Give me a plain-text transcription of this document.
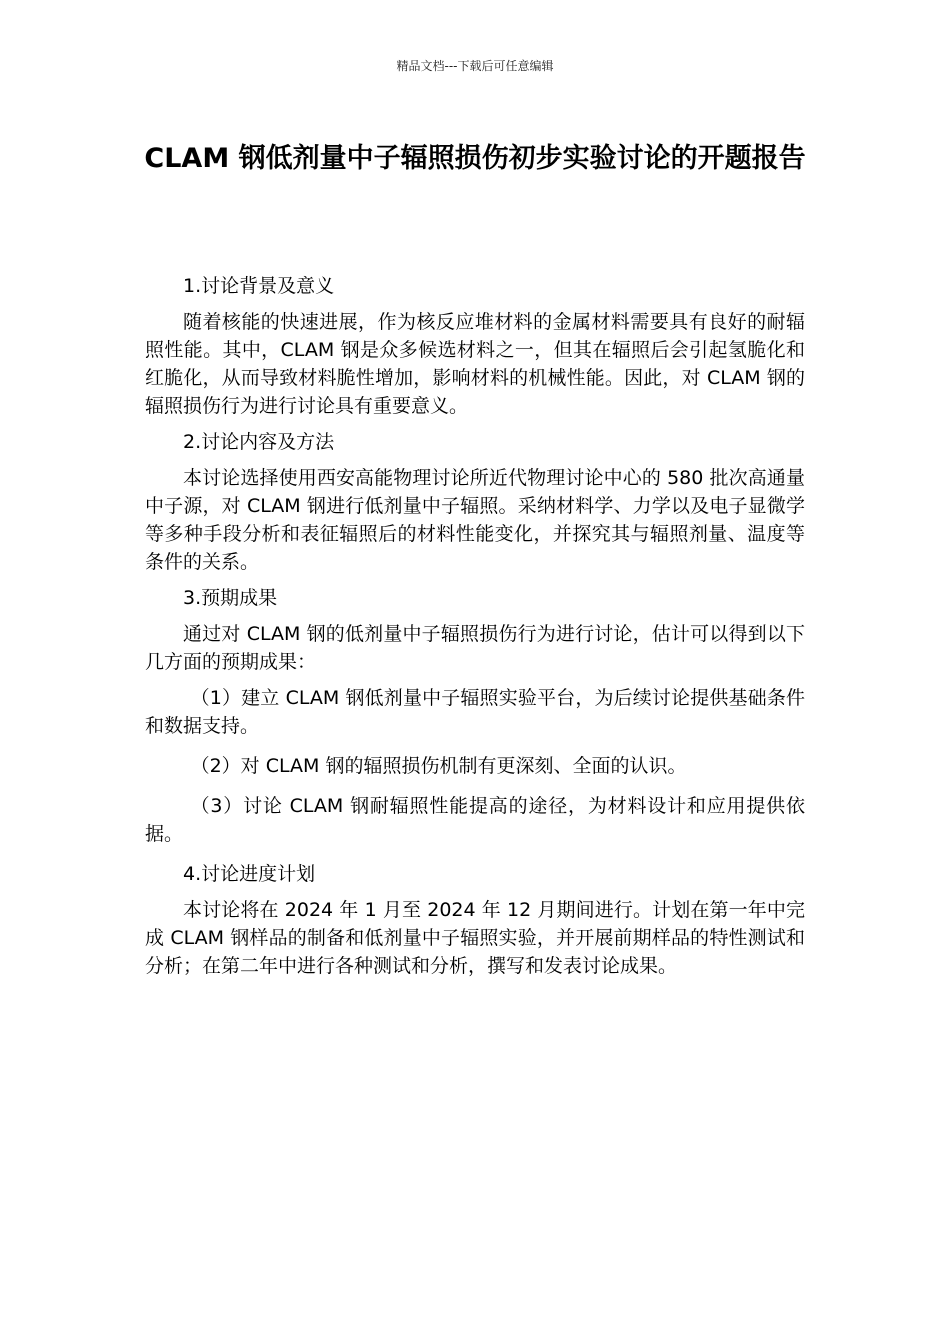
精品文档---下载后可任意编辑
CLAM 钢低剂量中子辐照损伤初步实验讨论的开题报告

1.讨论背景及意义

随着核能的快速进展，作为核反应堆材料的金属材料需要具有良好的耐辐照性能。其中，CLAM 钢是众多候选材料之一，但其在辐照后会引起氢脆化和红脆化，从而导致材料脆性增加，影响材料的机械性能。因此，对 CLAM 钢的辐照损伤行为进行讨论具有重要意义。

2.讨论内容及方法

本讨论选择使用西安高能物理讨论所近代物理讨论中心的 580 批次高通量中子源，对 CLAM 钢进行低剂量中子辐照。采纳材料学、力学以及电子显微学等多种手段分析和表征辐照后的材料性能变化，并探究其与辐照剂量、温度等条件的关系。

3.预期成果

通过对 CLAM 钢的低剂量中子辐照损伤行为进行讨论，估计可以得到以下几方面的预期成果：

（1）建立 CLAM 钢低剂量中子辐照实验平台，为后续讨论提供基础条件和数据支持。

（2）对 CLAM 钢的辐照损伤机制有更深刻、全面的认识。

（3）讨论 CLAM 钢耐辐照性能提高的途径，为材料设计和应用提供依据。

4.讨论进度计划

本讨论将在 2024 年 1 月至 2024 年 12 月期间进行。计划在第一年中完成 CLAM 钢样品的制备和低剂量中子辐照实验，并开展前期样品的特性测试和分析；在第二年中进行各种测试和分析，撰写和发表讨论成果。
